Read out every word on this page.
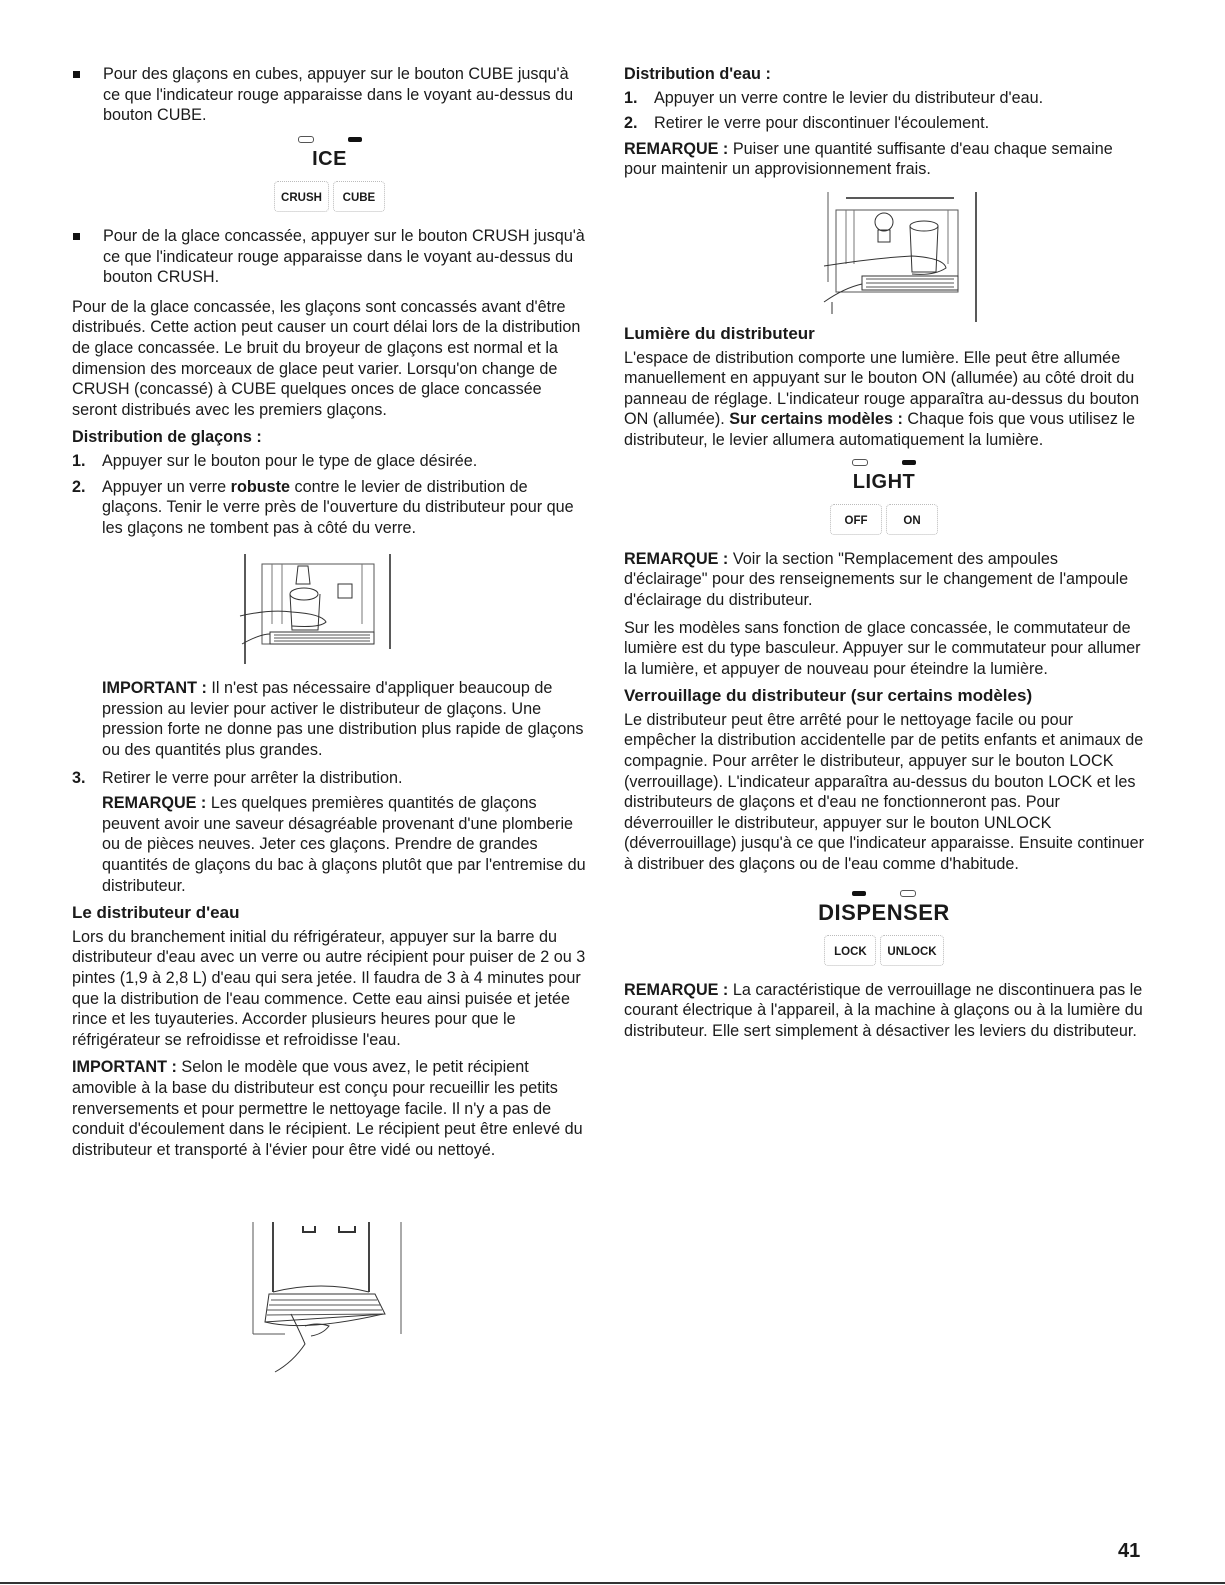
Pour des glaçons en cubes, appuyer sur le bouton CUBE jusqu'à ce que l'indicateur rouge apparaisse dans le voyant au-dessus du bouton CUBE.

ICE
CRUSH	CUBE

Pour de la glace concassée, appuyer sur le bouton CRUSH jusqu'à ce que l'indicateur rouge apparaisse dans le voyant au-dessus du bouton CRUSH.

Pour de la glace concassée, les glaçons sont concassés avant d'être distribués. Cette action peut causer un court délai lors de la distribution de glace concassée. Le bruit du broyeur de glaçons est normal et la dimension des morceaux de glace peut varier. Lorsqu'on change de CRUSH (concassé) à CUBE quelques onces de glace concassée seront distribués avec les premiers glaçons.

Distribution de glaçons :
1. Appuyer sur le bouton pour le type de glace désirée.
2. Appuyer un verre robuste contre le levier de distribution de glaçons. Tenir le verre près de l'ouverture du distributeur pour que les glaçons ne tombent pas à côté du verre.

IMPORTANT : Il n'est pas nécessaire d'appliquer beaucoup de pression au levier pour activer le distributeur de glaçons. Une pression forte ne donne pas une distribution plus rapide de glaçons ou des quantités plus grandes.

3. Retirer le verre pour arrêter la distribution.

REMARQUE : Les quelques premières quantités de glaçons peuvent avoir une saveur désagréable provenant d'une plomberie ou de pièces neuves. Jeter ces glaçons. Prendre de grandes quantités de glaçons du bac à glaçons plutôt que par l'entremise du distributeur.

Le distributeur d'eau

Lors du branchement initial du réfrigérateur, appuyer sur la barre du distributeur d'eau avec un verre ou autre récipient pour puiser de 2 ou 3 pintes (1,9 à 2,8 L) d'eau qui sera jetée. Il faudra de 3 à 4 minutes pour que la distribution de l'eau commence. Cette eau ainsi puisée et jetée rince et les tuyauteries. Accorder plusieurs heures pour que le réfrigérateur se refroidisse et refroidisse l'eau.

IMPORTANT : Selon le modèle que vous avez, le petit récipient amovible à la base du distributeur est conçu pour recueillir les petits renversements et pour permettre le nettoyage facile. Il n'y a pas de conduit d'écoulement dans le récipient. Le récipient peut être enlevé du distributeur et transporté à l'évier pour être vidé ou nettoyé.

Distribution d'eau :
1. Appuyer un verre contre le levier du distributeur d'eau.
2. Retirer le verre pour discontinuer l'écoulement.

REMARQUE : Puiser une quantité suffisante d'eau chaque semaine pour maintenir un approvisionnement frais.

Lumière du distributeur

L'espace de distribution comporte une lumière. Elle peut être allumée manuellement en appuyant sur le bouton ON (allumée) au côté droit du panneau de réglage. L'indicateur rouge apparaîtra au-dessus du bouton ON (allumée). Sur certains modèles : Chaque fois que vous utilisez le distributeur, le levier allumera automatiquement la lumière.

LIGHT
OFF	ON

REMARQUE : Voir la section "Remplacement des ampoules d'éclairage" pour des renseignements sur le changement de l'ampoule d'éclairage du distributeur.

Sur les modèles sans fonction de glace concassée, le commutateur de lumière est du type basculeur. Appuyer sur le commutateur pour allumer la lumière, et appuyer de nouveau pour éteindre la lumière.

Verrouillage du distributeur (sur certains modèles)

Le distributeur peut être arrêté pour le nettoyage facile ou pour empêcher la distribution accidentelle par de petits enfants et animaux de compagnie. Pour arrêter le distributeur, appuyer sur le bouton LOCK (verrouillage). L'indicateur apparaîtra au-dessus du bouton LOCK et les distributeurs de glaçons et d'eau ne fonctionneront pas. Pour déverrouiller le distributeur, appuyer sur le bouton UNLOCK (déverrouillage) jusqu'à ce que l'indicateur apparaisse. Ensuite continuer à distribuer des glaçons ou de l'eau comme d'habitude.

DISPENSER
LOCK	UNLOCK

REMARQUE : La caractéristique de verrouillage ne discontinuera pas le courant électrique à l'appareil, à la machine à glaçons ou à la lumière du distributeur. Elle sert simplement à désactiver les leviers du distributeur.

41
